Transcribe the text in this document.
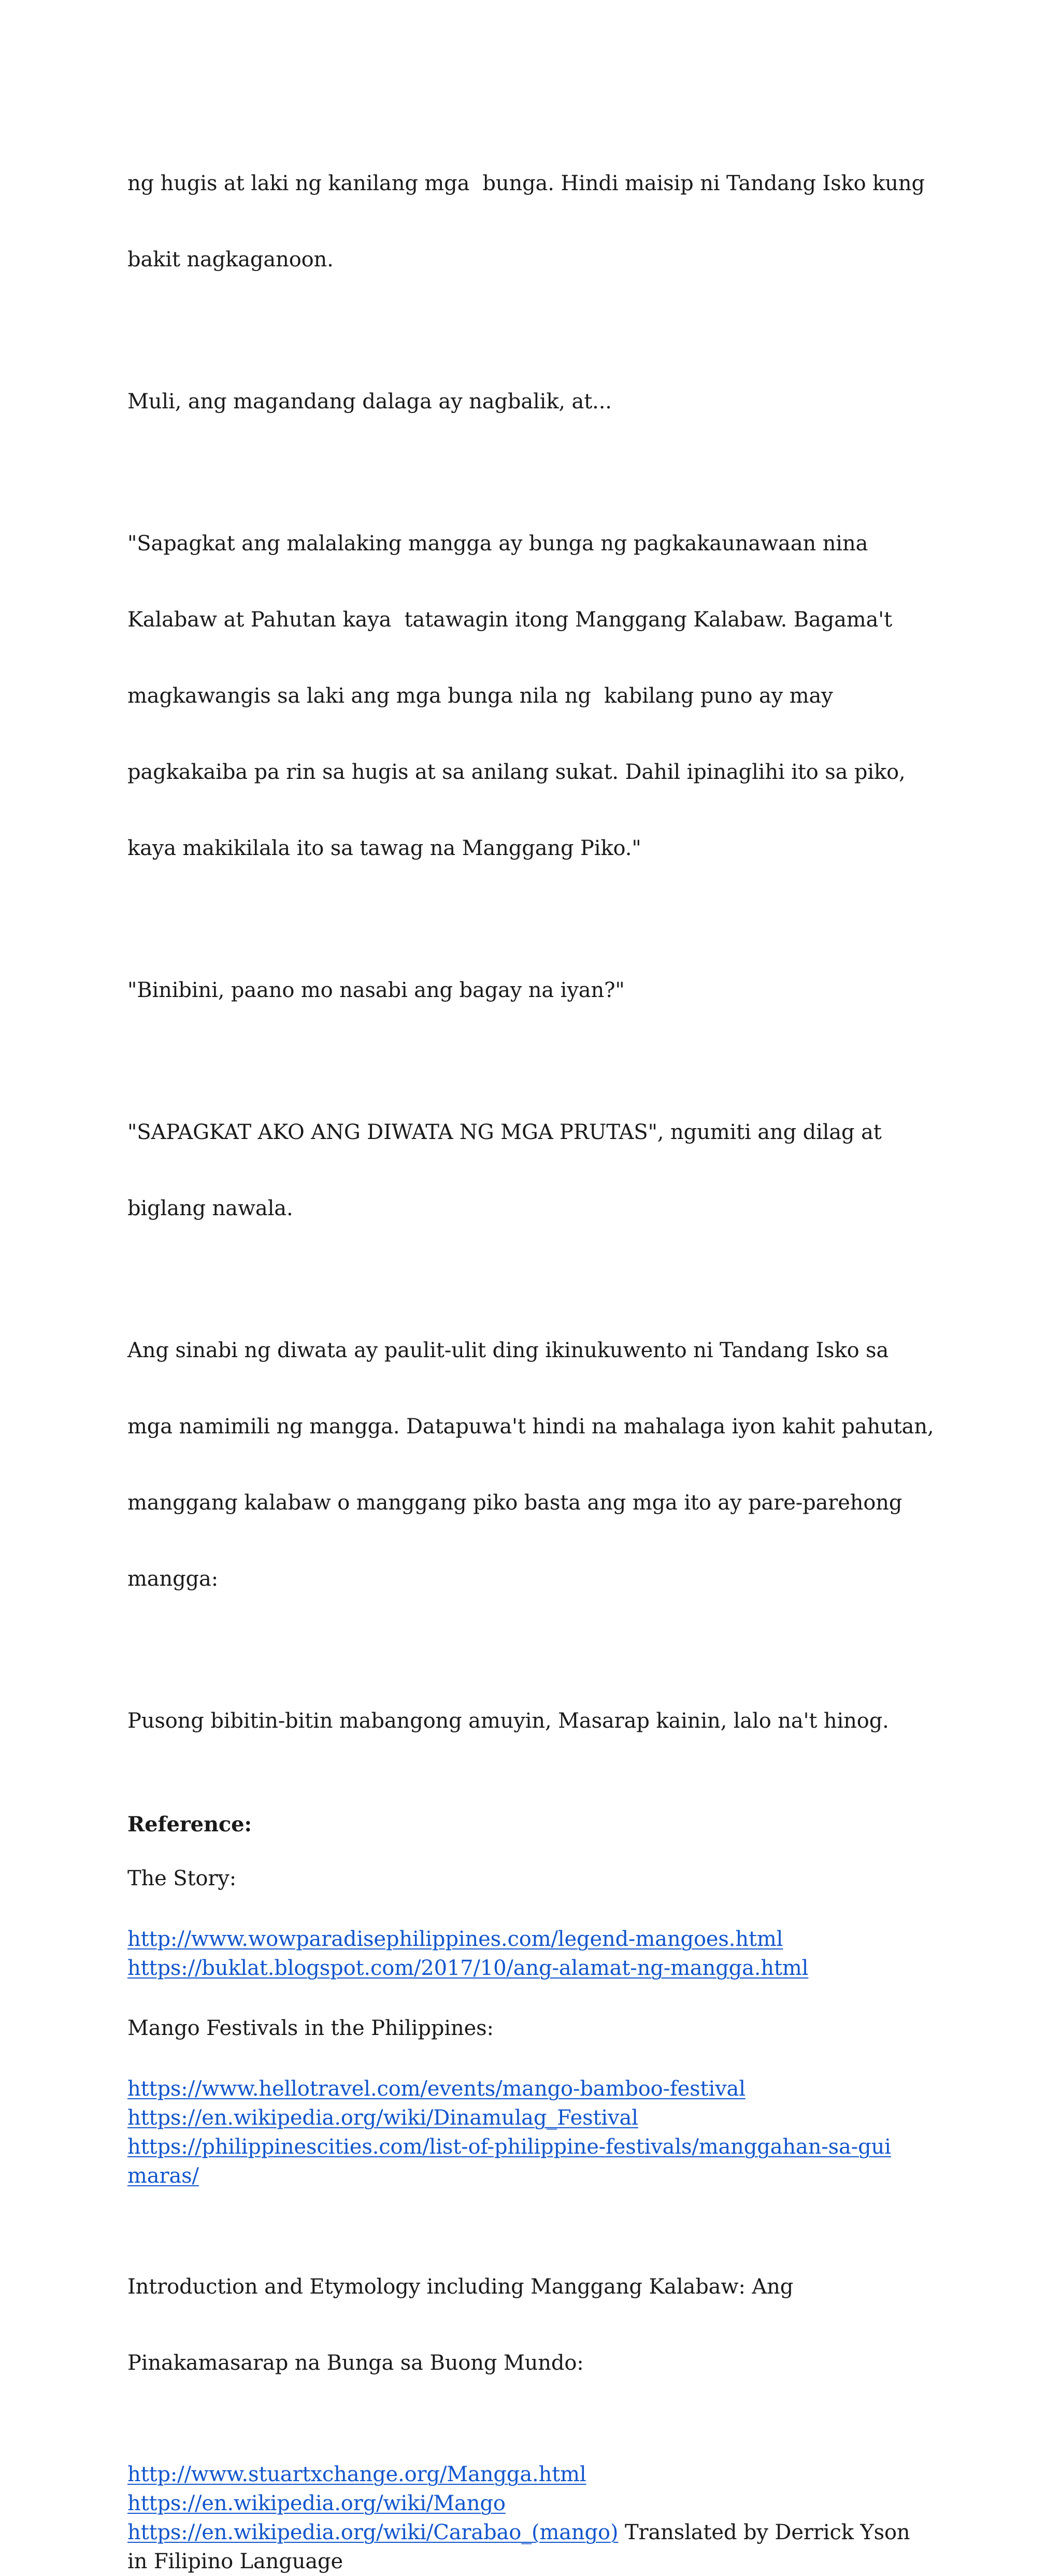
ng hugis at laki ng kanilang mga  bunga. Hindi maisip ni Tandang Isko kung

bakit nagkaganoon.

Muli, ang magandang dalaga ay nagbalik, at...

"Sapagkat ang malalaking mangga ay bunga ng pagkakaunawaan nina

Kalabaw at Pahutan kaya  tatawagin itong Manggang Kalabaw. Bagama't

magkawangis sa laki ang mga bunga nila ng  kabilang puno ay may

pagkakaiba pa rin sa hugis at sa anilang sukat. Dahil ipinaglihi ito sa piko,

kaya makikilala ito sa tawag na Manggang Piko."

"Binibini, paano mo nasabi ang bagay na iyan?"

"SAPAGKAT AKO ANG DIWATA NG MGA PRUTAS", ngumiti ang dilag at

biglang nawala.

Ang sinabi ng diwata ay paulit-ulit ding ikinukuwento ni Tandang Isko sa

mga namimili ng mangga. Datapuwa't hindi na mahalaga iyon kahit pahutan,

manggang kalabaw o manggang piko basta ang mga ito ay pare-parehong

mangga:

Pusong bibitin-bitin mabangong amuyin, Masarap kainin, lalo na't hinog.

Reference:

The Story:

http://www.wowparadisephilippines.com/legend-mangoes.html
https://buklat.blogspot.com/2017/10/ang-alamat-ng-mangga.html

Mango Festivals in the Philippines:

https://www.hellotravel.com/events/mango-bamboo-festival
https://en.wikipedia.org/wiki/Dinamulag_Festival
https://philippinescities.com/list-of-philippine-festivals/manggahan-sa-gui
maras/

Introduction and Etymology including Manggang Kalabaw: Ang

Pinakamasarap na Bunga sa Buong Mundo:

http://www.stuartxchange.org/Mangga.html
https://en.wikipedia.org/wiki/Mango
https://en.wikipedia.org/wiki/Carabao_(mango) Translated by Derrick Yson
in Filipino Language
